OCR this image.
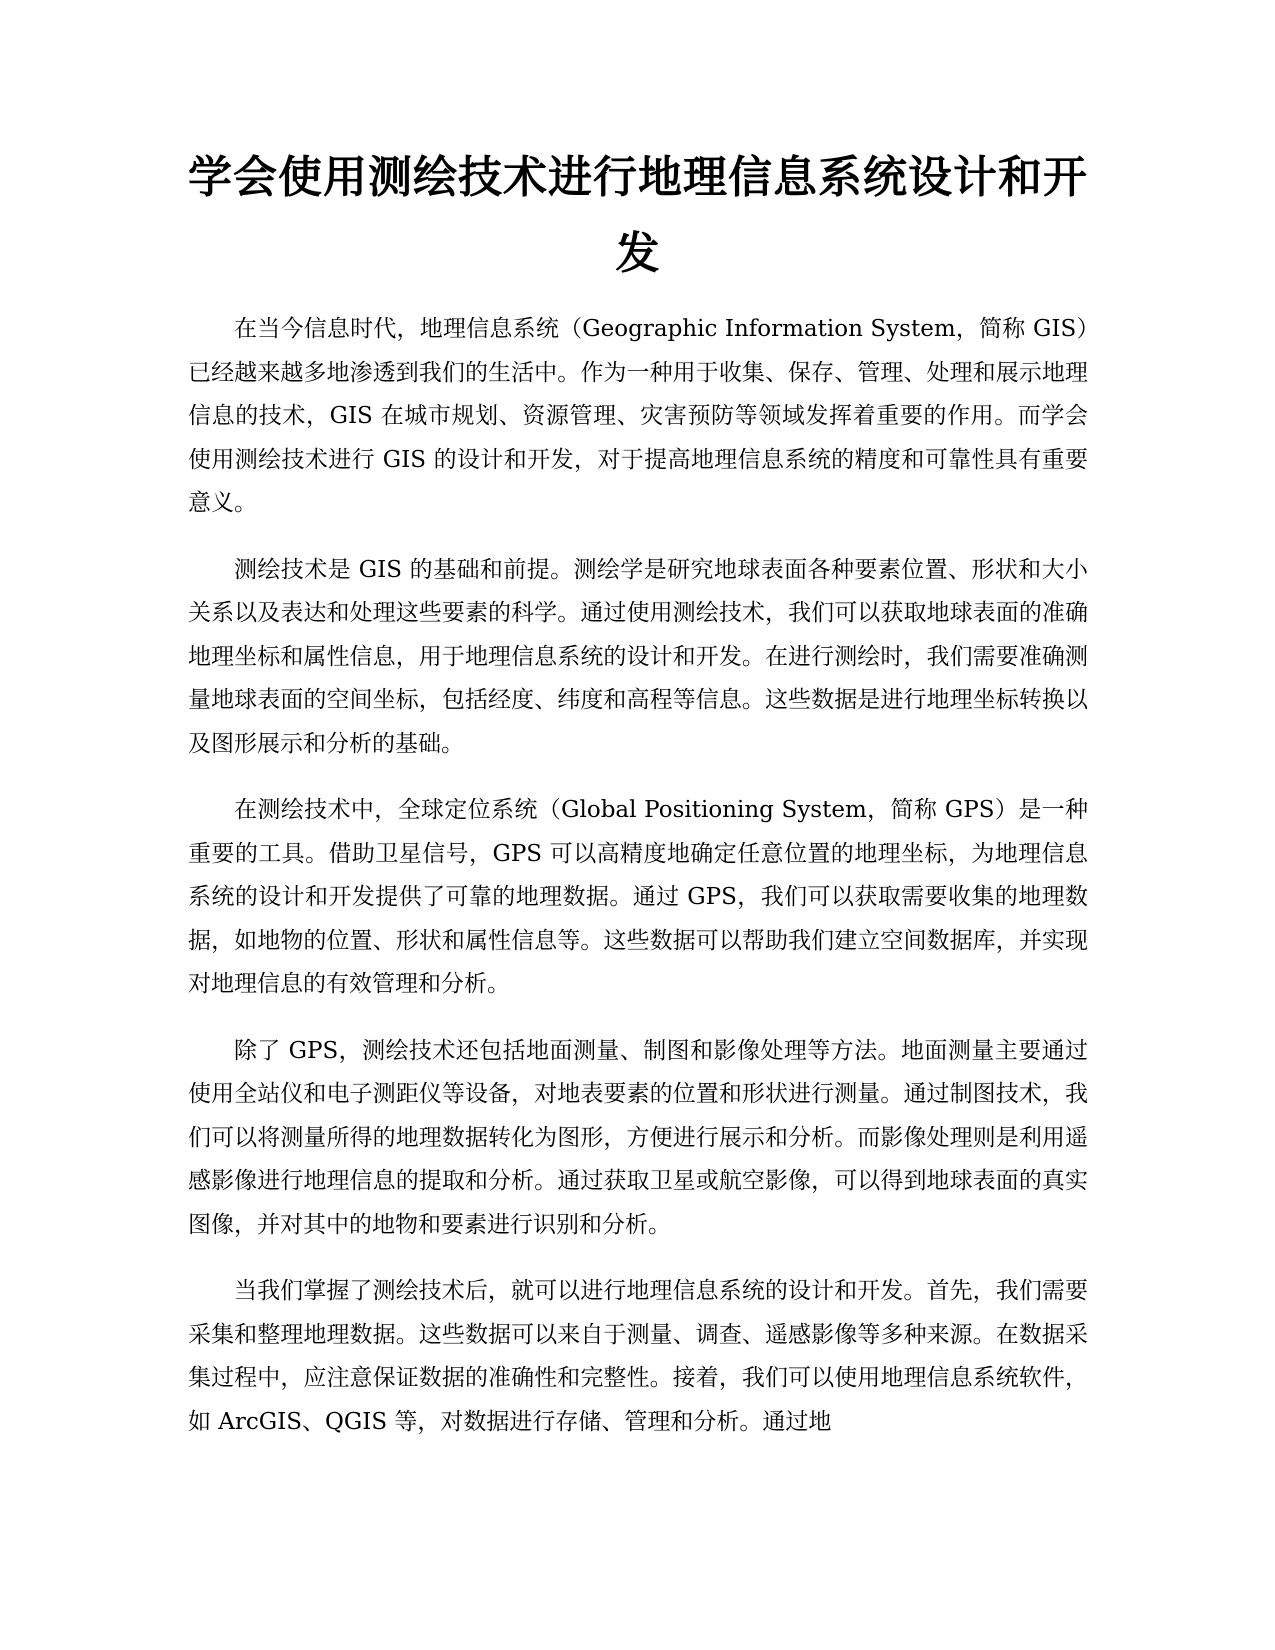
学会使用测绘技术进行地理信息系统设计和开发

在当今信息时代，地理信息系统（Geographic Information System，简称 GIS）已经越来越多地渗透到我们的生活中。作为一种用于收集、保存、管理、处理和展示地理信息的技术，GIS 在城市规划、资源管理、灾害预防等领域发挥着重要的作用。而学会使用测绘技术进行 GIS 的设计和开发，对于提高地理信息系统的精度和可靠性具有重要意义。

测绘技术是 GIS 的基础和前提。测绘学是研究地球表面各种要素位置、形状和大小关系以及表达和处理这些要素的科学。通过使用测绘技术，我们可以获取地球表面的准确地理坐标和属性信息，用于地理信息系统的设计和开发。在进行测绘时，我们需要准确测量地球表面的空间坐标，包括经度、纬度和高程等信息。这些数据是进行地理坐标转换以及图形展示和分析的基础。

在测绘技术中，全球定位系统（Global Positioning System，简称 GPS）是一种重要的工具。借助卫星信号，GPS 可以高精度地确定任意位置的地理坐标，为地理信息系统的设计和开发提供了可靠的地理数据。通过 GPS，我们可以获取需要收集的地理数据，如地物的位置、形状和属性信息等。这些数据可以帮助我们建立空间数据库，并实现对地理信息的有效管理和分析。

除了 GPS，测绘技术还包括地面测量、制图和影像处理等方法。地面测量主要通过使用全站仪和电子测距仪等设备，对地表要素的位置和形状进行测量。通过制图技术，我们可以将测量所得的地理数据转化为图形，方便进行展示和分析。而影像处理则是利用遥感影像进行地理信息的提取和分析。通过获取卫星或航空影像，可以得到地球表面的真实图像，并对其中的地物和要素进行识别和分析。

当我们掌握了测绘技术后，就可以进行地理信息系统的设计和开发。首先，我们需要采集和整理地理数据。这些数据可以来自于测量、调查、遥感影像等多种来源。在数据采集过程中，应注意保证数据的准确性和完整性。接着，我们可以使用地理信息系统软件，如 ArcGIS、QGIS 等，对数据进行存储、管理和分析。通过地
